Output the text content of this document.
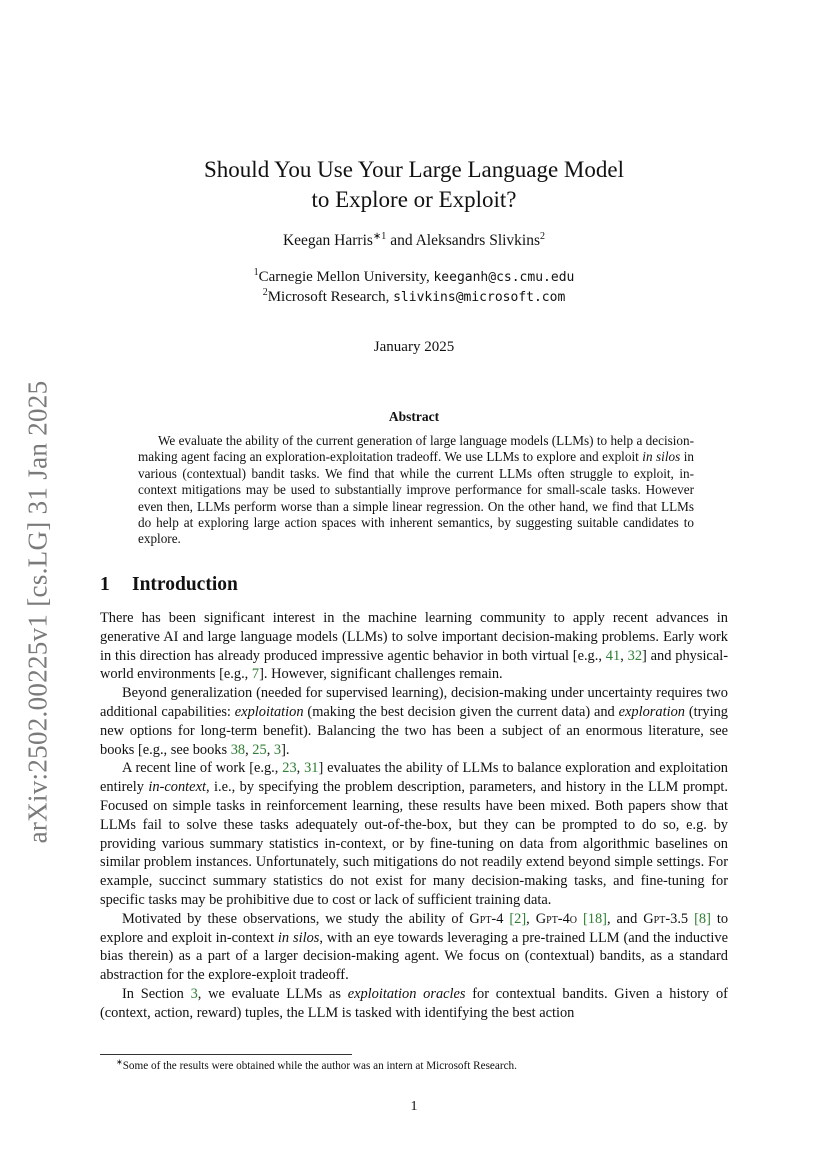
arXiv:2502.00225v1 [cs.LG] 31 Jan 2025
Should You Use Your Large Language Model
to Explore or Exploit?
Keegan Harris$^{∗1}$ and Aleksandrs Slivkins$^2$
$^1$Carnegie Mellon University, keeganh@cs.cmu.edu
$^2$Microsoft Research, slivkins@microsoft.com
January 2025
Abstract

We evaluate the ability of the current generation of large language models (LLMs) to help a decision-making agent facing an exploration-exploitation tradeoff. We use LLMs to explore and exploit in silos in various (contextual) bandit tasks. We find that while the current LLMs often struggle to exploit, in-context mitigations may be used to substantially improve performance for small-scale tasks. However even then, LLMs perform worse than a simple linear regression. On the other hand, we find that LLMs do help at exploring large action spaces with inherent semantics, by suggesting suitable candidates to explore.

1 Introduction

There has been significant interest in the machine learning community to apply recent advances in generative AI and large language models (LLMs) to solve important decision-making problems. Early work in this direction has already produced impressive agentic behavior in both virtual [e.g., 41, 32] and physical-world environments [e.g., 7]. However, significant challenges remain.

Beyond generalization (needed for supervised learning), decision-making under uncertainty requires two additional capabilities: exploitation (making the best decision given the current data) and exploration (trying new options for long-term benefit). Balancing the two has been a subject of an enormous literature, see books [e.g., see books 38, 25, 3].

A recent line of work [e.g., 23, 31] evaluates the ability of LLMs to balance exploration and exploitation entirely in-context, i.e., by specifying the problem description, parameters, and history in the LLM prompt. Focused on simple tasks in reinforcement learning, these results have been mixed. Both papers show that LLMs fail to solve these tasks adequately out-of-the-box, but they can be prompted to do so, e.g. by providing various summary statistics in-context, or by fine-tuning on data from algorithmic baselines on similar problem instances. Unfortunately, such mitigations do not readily extend beyond simple settings. For example, succinct summary statistics do not exist for many decision-making tasks, and fine-tuning for specific tasks may be prohibitive due to cost or lack of sufficient training data.

Motivated by these observations, we study the ability of Gpt-4 [2], Gpt-4o [18], and Gpt-3.5 [8] to explore and exploit in-context in silos, with an eye towards leveraging a pre-trained LLM (and the inductive bias therein) as a part of a larger decision-making agent. We focus on (contextual) bandits, as a standard abstraction for the explore-exploit tradeoff.

In Section 3, we evaluate LLMs as exploitation oracles for contextual bandits. Given a history of (context, action, reward) tuples, the LLM is tasked with identifying the best action

∗Some of the results were obtained while the author was an intern at Microsoft Research.
1
